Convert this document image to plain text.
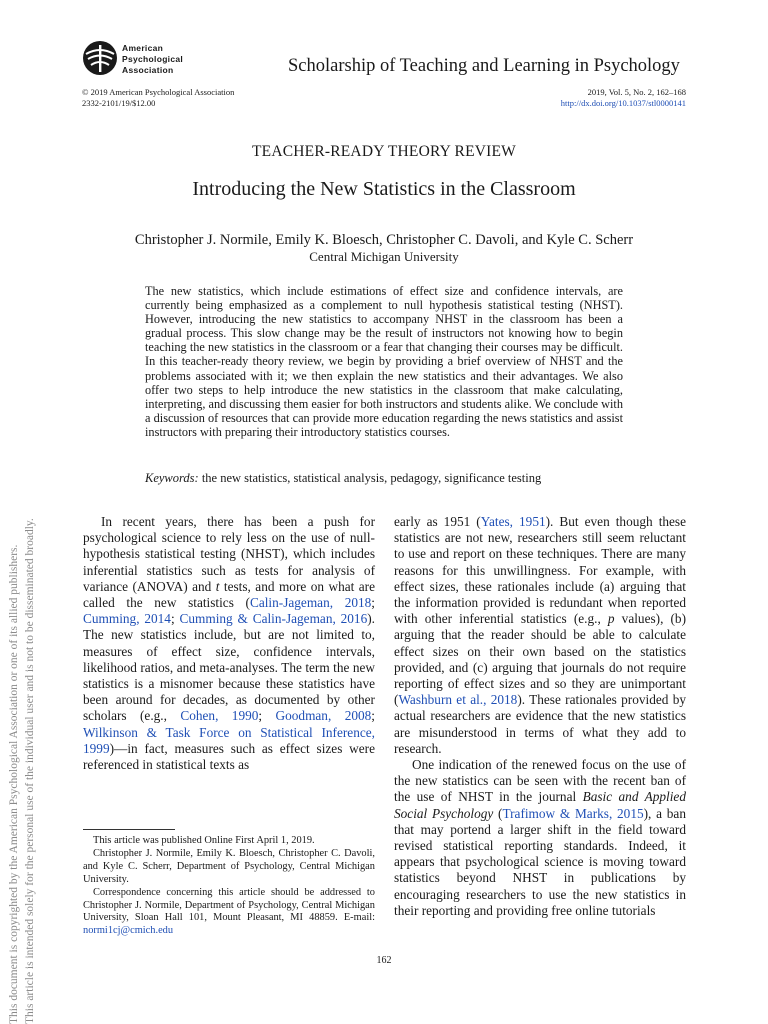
American
Psychological
Association	Scholarship of Teaching and Learning in Psychology
© 2019 American Psychological Association
2332-2101/19/$12.00
2019, Vol. 5, No. 2, 162–168
http://dx.doi.org/10.1037/stl0000141
TEACHER-READY THEORY REVIEW
Introducing the New Statistics in the Classroom
Christopher J. Normile, Emily K. Bloesch, Christopher C. Davoli, and Kyle C. Scherr
Central Michigan University
The new statistics, which include estimations of effect size and confidence intervals, are currently being emphasized as a complement to null hypothesis statistical testing (NHST). However, introducing the new statistics to accompany NHST in the classroom has been a gradual process. This slow change may be the result of instructors not knowing how to begin teaching the new statistics in the classroom or a fear that changing their courses may be difficult. In this teacher-ready theory review, we begin by providing a brief overview of NHST and the problems associated with it; we then explain the new statistics and their advantages. We also offer two steps to help introduce the new statistics in the classroom that make calculating, interpreting, and discussing them easier for both instructors and students alike. We conclude with a discussion of resources that can provide more education regarding the news statistics and assist instructors with preparing their introductory statistics courses.
Keywords: the new statistics, statistical analysis, pedagogy, significance testing
This document is copyrighted by the American Psychological Association or one of its allied publishers. This article is intended solely for the personal use of the individual user and is not to be disseminated broadly.	In recent years, there has been a push for psychological science to rely less on the use of null-hypothesis statistical testing (NHST), which includes inferential statistics such as tests for analysis of variance (ANOVA) and t tests, and more on what are called the new statistics (Calin-Jageman, 2018; Cumming, 2014; Cumming & Calin-Jageman, 2016). The new statistics include, but are not limited to, measures of effect size, confidence intervals, likelihood ratios, and meta-analyses. The term the new statistics is a misnomer because these statistics have been around for decades, as documented by other scholars (e.g., Cohen, 1990; Goodman, 2008; Wilkinson & Task Force on Statistical Inference, 1999)—in fact, measures such as effect sizes were referenced in statistical texts as

early as 1951 (Yates, 1951). But even though these statistics are not new, researchers still seem reluctant to use and report on these techniques. There are many reasons for this unwillingness. For example, with effect sizes, these rationales include (a) arguing that the information provided is redundant when reported with other inferential statistics (e.g., p values), (b) arguing that the reader should be able to calculate effect sizes on their own based on the statistics provided, and (c) arguing that journals do not require reporting of effect sizes and so they are unimportant (Washburn et al., 2018). These rationales provided by actual researchers are evidence that the new statistics are misunderstood in terms of what they add to research.

One indication of the renewed focus on the use of the new statistics can be seen with the recent ban of the use of NHST in the journal Basic and Applied Social Psychology (Trafimow & Marks, 2015), a ban that may portend a larger shift in the field toward revised statistical reporting standards. Indeed, it appears that psychological science is moving toward statistics beyond NHST in publications by encouraging researchers to use the new statistics in their reporting and providing free online tutorials

This article was published Online First April 1, 2019.

Christopher J. Normile, Emily K. Bloesch, Christopher C. Davoli, and Kyle C. Scherr, Department of Psychology, Central Michigan University.

Correspondence concerning this article should be addressed to Christopher J. Normile, Department of Psychology, Central Michigan University, Sloan Hall 101, Mount Pleasant, MI 48859. E-mail: normi1cj@cmich.edu

162
